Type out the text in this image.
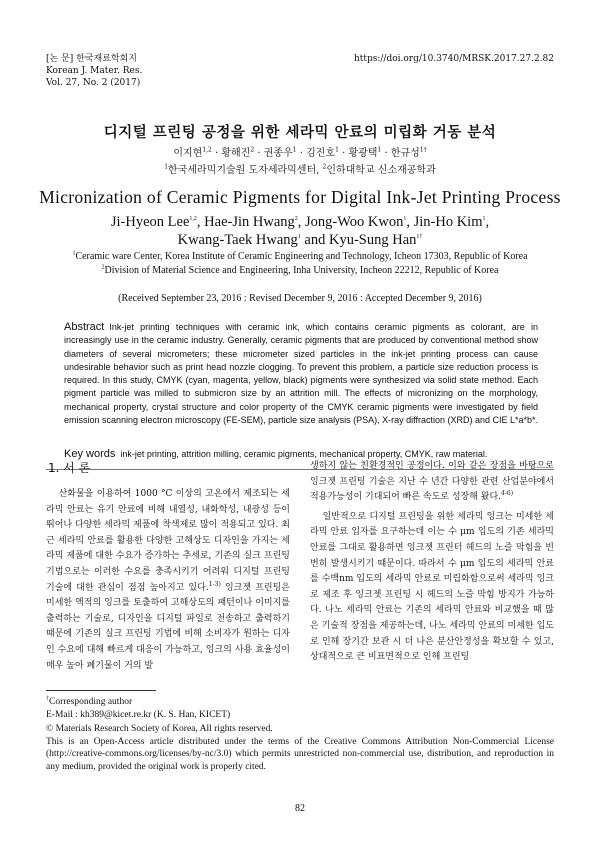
[논 문] 한국재료학회지
Korean J. Mater. Res.
Vol. 27, No. 2 (2017)
https://doi.org/10.3740/MRSK.2017.27.2.82
디지털 프린팅 공정을 위한 세라믹 안료의 미립화 거동 분석
이지현$^{1,2}$ · 황해진$^2$ · 권종우$^1$ · 김진호$^1$ · 황광택$^1$ · 한규성$^{1\dagger}$
$^1$한국세라믹기술원 도자세라믹센터, $^2$인하대학교 신소재공학과
Micronization of Ceramic Pigments for Digital Ink-Jet Printing Process
Ji-Hyeon Lee$^{1,2}$, Hae-Jin Hwang$^2$, Jong-Woo Kwon$^1$, Jin-Ho Kim$^1$,
Kwang-Taek Hwang$^1$ and Kyu-Sung Han$^{1\dagger}$
$^1$Ceramic ware Center, Korea Institute of Ceramic Engineering and Technology, Icheon 17303, Republic of Korea
$^2$Division of Material Science and Engineering, Inha University, Incheon 22212, Republic of Korea
(Received September 23, 2016 : Revised December 9, 2016 : Accepted December 9, 2016)
Abstract Ink-jet printing techniques with ceramic ink, which contains ceramic pigments as colorant, are in increasingly use in the ceramic industry. Generally, ceramic pigments that are produced by conventional method show diameters of several micrometers; these micrometer sized particles in the ink-jet printing process can cause undesirable behavior such as print head nozzle clogging. To prevent this problem, a particle size reduction process is required. In this study, CMYK (cyan, magenta, yellow, black) pigments were synthesized via solid state method. Each pigment particle was milled to submicron size by an attrition mill. The effects of micronizing on the morphology, mechanical property, crystal structure and color property of the CMYK ceramic pigments were investigated by field emission scanning electron microscopy (FE-SEM), particle size analysis (PSA), X-ray diffraction (XRD) and CIE L*a*b*.
Key words ink-jet printing, attrition milling, ceramic pigments, mechanical property, CMYK, raw material.
1. 서 론

산화물을 이용하여 1000 °C 이상의 고온에서 제조되는 세라믹 안료는 유기 안료에 비해 내열성, 내화학성, 내광성 등이 뛰어나 다양한 세라믹 제품에 착색제로 많이 적용되고 있다. 최근 세라믹 안료를 활용한 다양한 고해상도 디자인을 가지는 세라믹 제품에 대한 수요가 증가하는 추세로, 기존의 실크 프린팅 기법으로는 이러한 수요를 충족시키기 어려워 디지털 프린팅 기술에 대한 관심이 점점 높아지고 있다.$^{1-3)}$ 잉크젯 프린팅은 미세한 액적의 잉크를 토출하여 고해상도의 패턴이나 이미지를 출력하는 기술로, 디자인을 디지털 파일로 전송하고 출력하기 때문에 기존의 실크 프린팅 기법에 비해 소비자가 원하는 디자인 수요에 대해 빠르게 대응이 가능하고, 잉크의 사용 효율성이 매우 높아 폐기물이 거의 발

생하지 않는 친환경적인 공정이다. 이와 같은 장점을 바탕으로 잉크젯 프린팅 기술은 지난 수 년간 다양한 관련 산업분야에서 적용가능성이 기대되어 빠른 속도로 성장해 왔다.$^{4-6)}$

일반적으로 디지털 프린팅을 위한 세라믹 잉크는 미세한 세라믹 안료 입자를 요구하는데 이는 수 μm 입도의 기존 세라믹 안료를 그대로 활용하면 잉크젯 프린터 헤드의 노즐 막힘을 빈번히 발생시키기 때문이다. 따라서 수 μm 입도의 세라믹 안료를 수백nm 입도의 세라믹 안료로 미립화함으로써 세라믹 잉크로 제조 후 잉크젯 프린팅 시 헤드의 노즐 막힘 방지가 가능하다. 나노 세라믹 안료는 기존의 세라믹 안료와 비교했을 때 많은 기술적 장점을 제공하는데, 나노 세라믹 안료의 미세한 입도로 인해 장기간 보관 시 더 나은 분산안정성을 확보할 수 있고, 상대적으로 큰 비표면적으로 인해 프린팅

†Corresponding author
E-Mail : kh389@kicet.re.kr (K. S. Han, KICET)
© Materials Research Society of Korea, All rights reserved.
This is an Open-Access article distributed under the terms of the Creative Commons Attribution Non-Commercial License (http://creative-commons.org/licenses/by-nc/3.0) which permits unrestricted non-commercial use, distribution, and reproduction in any medium, provided the original work is properly cited.
82
